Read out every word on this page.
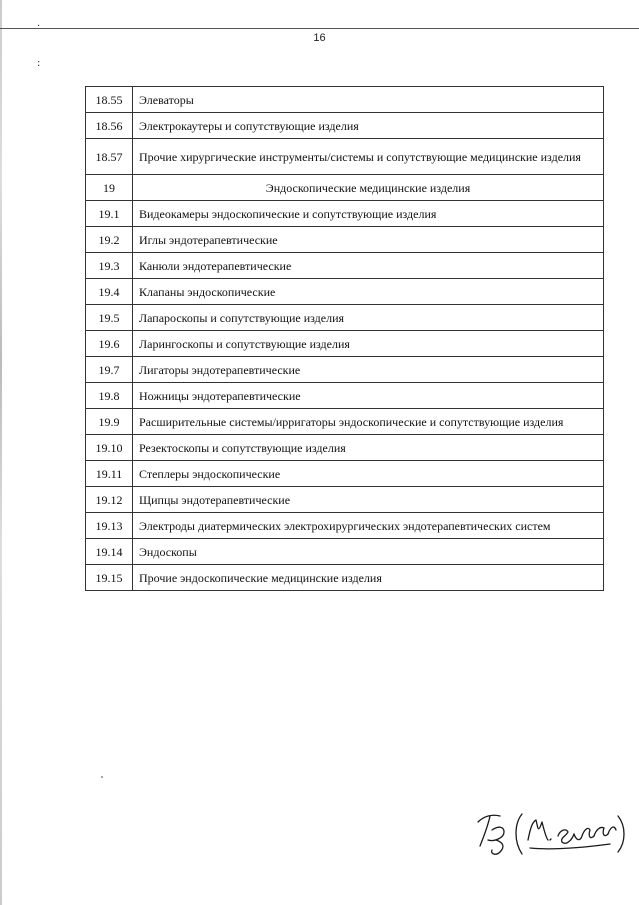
.
:
16
18.55	Элеваторы
18.56	Электрокаутеры и сопутствующие изделия
18.57	Прочие хирургические инструменты/системы и сопутствующие медицинские изделия
19	Эндоскопические медицинские изделия
19.1	Видеокамеры эндоскопические и сопутствующие изделия
19.2	Иглы эндотерапевтические
19.3	Канюли эндотерапевтические
19.4	Клапаны эндоскопические
19.5	Лапароскопы и сопутствующие изделия
19.6	Ларингоскопы и сопутствующие изделия
19.7	Лигаторы эндотерапевтические
19.8	Ножницы эндотерапевтические
19.9	Расширительные системы/ирригаторы эндоскопические и сопутствующие изделия
19.10	Резектоскопы и сопутствующие изделия
19.11	Степлеры эндоскопические
19.12	Щипцы эндотерапевтические
19.13	Электроды диатермических электрохирургических эндотерапевтических систем
19.14	Эндоскопы
19.15	Прочие эндоскопические медицинские изделия
